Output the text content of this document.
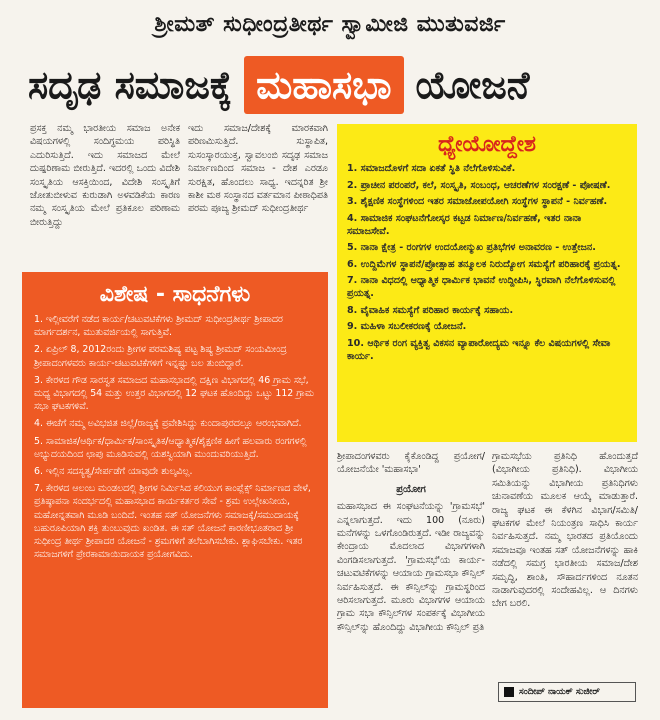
ಶ್ರೀಮತ್ ಸುಧೀಂದ್ರತೀರ್ಥ ಸ್ವಾಮೀಜಿ ಮುತುವರ್ಜಿ
ಸದೃಢ ಸಮಾಜಕ್ಕೆ ಮಹಾಸಭಾ ಯೋಜನೆ
ಪ್ರಸಕ್ತ ನಮ್ಮ ಭಾರತೀಯ ಸಮಾಜ ಅನೇಕ ವಿಷಯಗಳಲ್ಲಿ ಸಂದಿಗ್ಧಮಯ ಪರಿಸ್ಥಿತಿ ಎದುರಿಸುತ್ತಿದೆ. ಇದು ಸಮಾಜದ ಮೇಲೆ ದುಷ್ಪರಿಣಾಮ ಬೀರುತ್ತಿದೆ. ಇದರಲ್ಲಿ ಒಂದು ವಿದೇಶಿ ಸಂಸ್ಕೃತಿಯ ಆಸಕ್ತಿಯಿಂದ, ವಿದೇಶಿ ಸಂಸ್ಕೃತಿಗೆ ಜೋತುಬೀಳುವ ಕುರುಡಾಗಿ ಅಳವಡಿಕೆಯ ಕಾರಣ ನಮ್ಮ ಸಂಸ್ಕೃತಿಯ ಮೇಲೆ ಪ್ರತಿಕೂಲ ಪರಿಣಾಮ ಬೀರುತ್ತಿದ್ದು
ಇದು ಸಮಾಜ/ದೇಶಕ್ಕೆ ಮಾರಕವಾಗಿ ಪರಿಣಮಿಸುತ್ತಿದೆ. ಸುಸ್ಥಾಪಿತ, ಸುಸಂಸ್ಕಾರಯುಕ್ತ, ಸ್ವಾವಲಂಬಿ ಸದೃಢ ಸಮಾಜ ನಿರ್ಮಾಣದಿಂದ ಸಮಾಜ - ದೇಶ ಎರಡೂ ಸುರಕ್ಷಿತ, ಹೊಂದಲು ಸಾಧ್ಯ. ಇದನ್ನರಿತ ಶ್ರೀ ಕಾಶೀ ಮಠ ಸಂಸ್ಥಾನದ ವರ್ತಮಾನ ಪೀಠಾಧಿಪತಿ ಪರಮ ಪೂಜ್ಯ ಶ್ರೀಮದ್ ಸುಧೀಂದ್ರತೀರ್ಥ
ಧ್ಯೇಯೋದ್ದೇಶ
1. ಸಮಾಜದೊಳಗೆ ಸದಾ ಏಕತೆ ಸ್ಥಿತಿ ನೆಲೆಗೊಳಿಸುವಿಕೆ.
2. ಪ್ರಾಚೀನ ಪರಂಪರೆ, ಕಲೆ, ಸಂಸ್ಕೃತಿ, ಸಂಬಂಧ, ಆಚರಣೆಗಳ ಸಂರಕ್ಷಣೆ - ಪೋಷಣೆ.
3. ಶೈಕ್ಷಣಿಕ ಸಂಸ್ಥೆಗಳಿಂದ ಇತರ ಸಮಾಜೋಪಯೋಗಿ ಸಂಸ್ಥೆಗಳ ಸ್ಥಾಪನೆ - ನಿರ್ವಹಣೆ.
4. ಸಾಮಾಜಿಕ ಸಂಘಟನೆಗೋಸ್ಕರ ಕಟ್ಟಡ ನಿರ್ಮಾಣ/ನಿರ್ವಹಣೆ, ಇತರ ನಾನಾ ಸಮಾಜಸೇವೆ.
5. ನಾನಾ ಕ್ಷೇತ್ರ - ರಂಗಗಳ ಉದಯೋನ್ಮುಖ ಪ್ರತಿಭೆಗಳ ಅನಾವರಣ - ಉತ್ತೇಜನ.
6. ಉದ್ದಿಮೆಗಳ ಸ್ಥಾಪನೆ/ಪ್ರೋತ್ಸಾಹ ತನ್ಮೂಲಕ ನಿರುದ್ಯೋಗ ಸಮಸ್ಯೆಗೆ ಪರಿಹಾರಕ್ಕೆ ಪ್ರಯತ್ನ.
7. ನಾನಾ ವಿಧದಲ್ಲಿ ಆಧ್ಯಾತ್ಮಿಕ ಧಾರ್ಮಿಕ ಭಾವನೆ ಉದ್ದೀಪಿಸಿ, ಸ್ಥಿರವಾಗಿ ನೆಲೆಗೊಳಿಸುವಲ್ಲಿ ಪ್ರಯತ್ನ.
8. ವೈವಾಹಿಕ ಸಮಸ್ಯೆಗೆ ಪರಿಹಾರ ಕಾರ್ಯಕ್ಕೆ ಸಹಾಯ.
9. ಮಹಿಳಾ ಸಬಲೀಕರಣಕ್ಕೆ ಯೋಜನೆ.
10. ಆರ್ಥಿಕ ರಂಗ ವ್ಯಕ್ತಿತ್ವ ವಿಕಸನ ವ್ಯಾಪಾರೋದ್ಯಮ ಇನ್ನೂ ಕೆಲ ವಿಷಯಗಳಲ್ಲಿ ಸೇವಾ ಕಾರ್ಯ.
ವಿಶೇಷ - ಸಾಧನೆಗಳು
1. ಇಲ್ಲೀವರೆಗೆ ನಡೆದ ಕಾರ್ಯ/ಚಟುವಟಿಕೆಗಳು ಶ್ರೀಮದ್ ಸುಧೀಂದ್ರತೀರ್ಥ ಶ್ರೀಪಾದರ ಮಾರ್ಗದರ್ಶನ, ಮುತುವರ್ಜಿಯಲ್ಲಿ ಸಾಗುತ್ತಿವೆ.
2. ಏಪ್ರಿಲ್ 8, 2012ರಂದು ಶ್ರೀಗಳ ಪರಮಶಿಷ್ಯ ಪಟ್ಟ ಶಿಷ್ಯ ಶ್ರೀಮದ್ ಸಂಯಮೀಂದ್ರ ಶ್ರೀಪಾದಂಗಳವರು ಕಾರ್ಯ-ಚಟುವಟಿಕೆಗಳಿಗೆ ಇನ್ನಷ್ಟು ಬಲ ತುಂಬಿದ್ದಾರೆ.
3. ಕೇರಳದ ಗೌಡ ಸಾರಸ್ವತ ಸಮಾಜದ ಮಹಾಸಭಾದಲ್ಲಿ ದಕ್ಷಿಣ ವಿಭಾಗದಲ್ಲಿ 46 ಗ್ರಾಮ ಸಭೆ, ಮಧ್ಯ ವಿಭಾಗದಲ್ಲಿ 54 ಮತ್ತು ಉತ್ತರ ವಿಭಾಗದಲ್ಲಿ 12 ಘಟಕ ಹೊಂದಿದ್ದು ಒಟ್ಟು 112 ಗ್ರಾಮ ಸಭಾ ಘಟಕಗಳಿವೆ.
4. ಈಚೆಗೆ ನಮ್ಮ ಅವಿಭಜಿತ ಜಿಲ್ಲೆ/ರಾಜ್ಯಕ್ಕೆ ಪ್ರವೇಶಿಸಿದ್ದು ಕುಂದಾಪುರದಲ್ಲೂ ಆರಂಭವಾಗಿದೆ.
5. ಸಾಮಾಜಿಕ/ಆರ್ಥಿಕ/ಧಾರ್ಮಿಕ/ಸಾಂಸ್ಕೃತಿಕ/ಆಧ್ಯಾತ್ಮಿಕ/ಶೈಕ್ಷಣಿಕ ಹೀಗೆ ಹಲವಾರು ರಂಗಗಳಲ್ಲಿ ಅಭ್ಯುದಯದಿಂದ ಛಾಪು ಮೂಡಿಸುವಲ್ಲಿ ಯಶಸ್ವಿಯಾಗಿ ಮುಂದುವರಿಯುತ್ತಿದೆ.
6. ಇಲ್ಲಿನ ಸದಸ್ಯತ್ವ/ಸೇರ್ಪಡೆಗೆ ಯಾವುದೇ ಶುಲ್ಕವಿಲ್ಲ.
7. ಕೇರಳದ ಆಲಂಬ ಮಂಡಲದಲ್ಲಿ ಶ್ರೀಗಳ ನಿರ್ಮಿಸಿದ ಕಲಿಯುಗ ಕಾಂಪ್ಲೆಕ್ಸ್ ನಿರ್ಮಾಣದ ವೇಳೆ, ಪ್ರತಿಷ್ಠಾಪನಾ ಸಂದರ್ಭದಲ್ಲಿ ಮಹಾಸಭಾದ ಕಾರ್ಯಕರ್ತರ ಸೇವೆ - ಶ್ರಮ ಉಲ್ಲೇಖನೀಯ, ಮಹೋನ್ನತವಾಗಿ ಮೂಡಿ ಬಂದಿದೆ. ಇಂತಹ ಸತ್ ಯೋಜನೆಗಳು ಸಮಾಜಕ್ಕೆ/ಸಮುದಾಯಕ್ಕೆ ಬಹುರೂಪಿಯಾಗಿ ಶಕ್ತಿ ತುಂಬುವುದು ಖಂಡಿತ. ಈ ಸತ್ ಯೋಜನೆ ಕಾರಣೀಭೂತರಾದ ಶ್ರೀ ಸುಧೀಂದ್ರ ತೀರ್ಥ ಶ್ರೀಪಾದರ ಯೋಜನೆ - ಶ್ರಮಗಳಿಗೆ ತಲೆಬಾಗಿಸಬೇಕು. ಶ್ಲಾಘಿಸಬೇಕು. ಇತರ ಸಮಾಜಗಳಿಗೆ ಪ್ರೇರಕಾಮಾಯಿದಾಯಕ ಪ್ರಯೋಗವಿದು.
ಶ್ರೀಪಾದಂಗಳವರು ಕೈಕೊಂಡಿದ್ದ ಪ್ರಯೋಗ/ ಯೋಜನೆಯೇ 'ಮಹಾಸಭಾ'
ಪ್ರಯೋಗ
ಮಹಾಸಭಾದ ಈ ಸಂಘಟನೆಯನ್ನು 'ಗ್ರಾಮಸಭೆ' ಎನ್ನಲಾಗುತ್ತದೆ. ಇದು 100 (ನೂರು) ಮನೆಗಳನ್ನು ಒಳಗೊಂಡಿರುತ್ತದೆ. ಇಡೀ ರಾಜ್ಯವನ್ನು ಕೇಂದ್ರಾಯ ಮೊದಲಾದ ವಿಭಾಗಗಳಾಗಿ ವಿಂಗಡಿಸಲಾಗುತ್ತದೆ. 'ಗ್ರಾಮಸಭೆ'ಯ ಕಾರ್ಯ-ಚಟುವಟಿಕೆಗಳನ್ನು ಆಯಾಯ ಗ್ರಾಮಸಭಾ ಕೌನ್ಸಿಲ್ ನಿರ್ವಹಿಸುತ್ತದೆ. ಈ ಕೌನ್ಸಿಲ್‌ನ್ನು ಗ್ರಾಮಸ್ಥರಿಂದ ಆರಿಸಲಾಗುತ್ತದೆ. ಮೂರು ವಿಭಾಗಗಳ ಆಯಾಯ ಗ್ರಾಮ ಸಭಾ ಕೌನ್ಸಿಲ್‌ಗಳ ಸಂಪರ್ಕಕ್ಕೆ ವಿಭಾಗೀಯ ಕೌನ್ಸಿಲ್‌ನ್ನು ಹೊಂದಿದ್ದು ವಿಭಾಗೀಯ ಕೌನ್ಸಿಲ್ ಪ್ರತಿ
ಗ್ರಾಮಸಭೆಯ ಪ್ರತಿನಿಧಿ ಹೊಂದುತ್ತದೆ (ವಿಭಾಗೀಯ ಪ್ರತಿನಿಧಿ). ವಿಭಾಗೀಯ ಸಮಿತಿಯನ್ನು ವಿಭಾಗೀಯ ಪ್ರತಿನಿಧಿಗಳು ಚುನಾವಣೆಯ ಮೂಲಕ ಆಯ್ಕೆ ಮಾಡುತ್ತಾರೆ. ರಾಜ್ಯ ಘಟಕ ಈ ಕೆಳಗಿನ ವಿಭಾಗ/ಸಮಿತಿ/ ಘಟಕಗಳ ಮೇಲೆ ನಿಯಂತ್ರಣ ಸಾಧಿಸಿ ಕಾರ್ಯ ನಿರ್ವಹಿಸುತ್ತದೆ. ನಮ್ಮ ಭಾರತದ ಪ್ರತಿಯೊಂದು ಸಮಾಜವೂ ಇಂತಹ ಸತ್ ಯೋಜನೆಗಳನ್ನು ಹಾಕಿ ನಡೆದಲ್ಲಿ ಸಮಗ್ರ ಭಾರತೀಯ ಸಮಾಜ/ದೇಶ ಸಮೃದ್ಧಿ, ಶಾಂತಿ, ಸೌಹಾರ್ದಗಳಿಂದ ನೂತನ ನಾಡಾಗುವುದರಲ್ಲಿ ಸಂದೇಹವಿಲ್ಲ. ಆ ದಿನಗಳು ಬೇಗ ಬರಲಿ.
ಸಂದೀಪ್ ನಾಯಕ್ ಸುಜೀರ್
